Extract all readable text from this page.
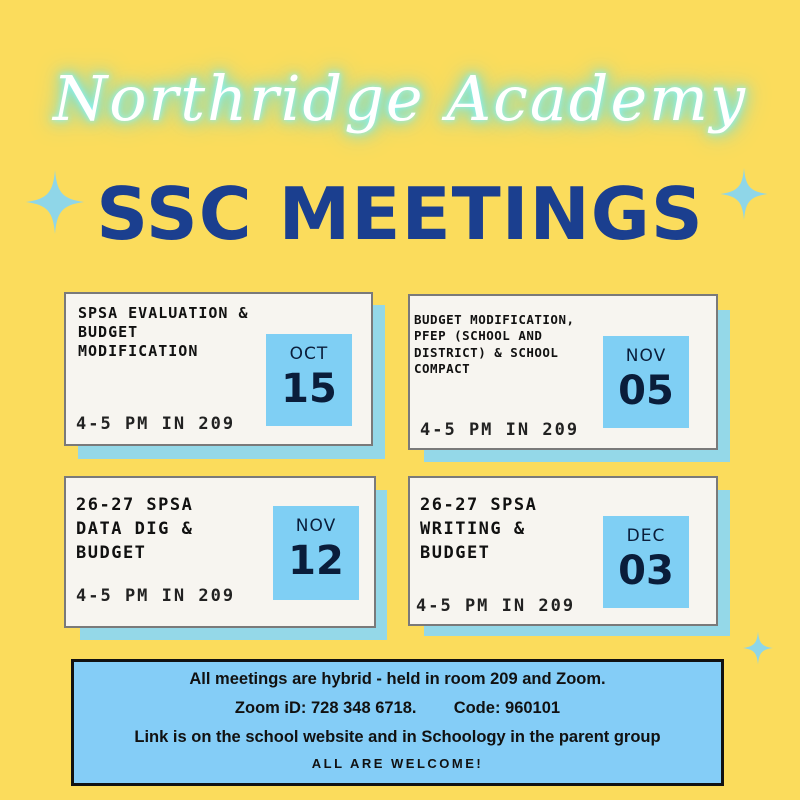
Northridge Academy
SSC MEETINGS
SPSA EVALUATION & BUDGET MODIFICATION
4-5 PM IN 209
OCT
15
BUDGET MODIFICATION, PFEP (SCHOOL AND DISTRICT) & SCHOOL COMPACT
4-5 PM IN 209
NOV
05
26-27 SPSA DATA DIG & BUDGET
4-5 PM IN 209
NOV
12
26-27 SPSA WRITING & BUDGET
4-5 PM IN 209
DEC
03
All meetings are hybrid - held in room 209 and Zoom.
Zoom iD: 728 348 6718. Code: 960101
Link is on the school website and in Schoology in the parent group
ALL ARE WELCOME!
